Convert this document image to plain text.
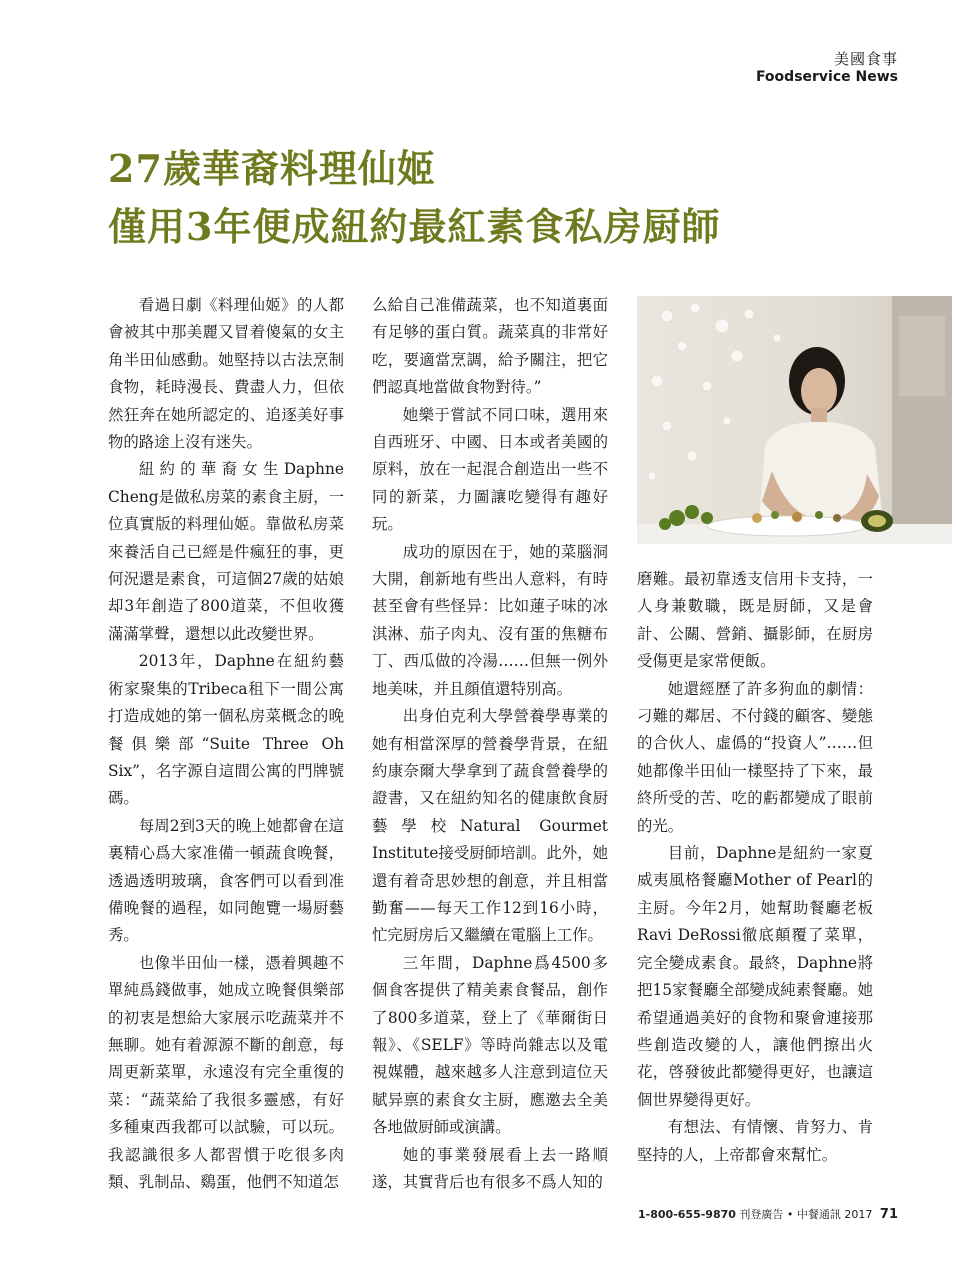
美國食事
Foodservice News
27歲華裔料理仙姬
僅用3年便成紐約最紅素食私房厨師

看過日劇《料理仙姬》的人都會被其中那美麗又冒着傻氣的女主角半田仙感動。她堅持以古法烹制食物，耗時漫長、費盡人力，但依然狂奔在她所認定的、追逐美好事物的路途上沒有迷失。

紐約的華裔女生Daphne Cheng是做私房菜的素食主厨，一位真實版的料理仙姬。靠做私房菜來養活自己已經是件瘋狂的事，更何況還是素食，可這個27歲的姑娘却3年創造了800道菜，不但收獲滿滿掌聲，還想以此改變世界。

2013年，Daphne在紐約藝術家聚集的Tribeca租下一間公寓打造成她的第一個私房菜概念的晚餐俱樂部“Suite Three Oh Six”，名字源自這間公寓的門牌號碼。

每周2到3天的晚上她都會在這裏精心爲大家准備一頓蔬食晚餐，透過透明玻璃，食客們可以看到准備晚餐的過程，如同飽覽一場厨藝秀。

也像半田仙一樣，憑着興趣不單純爲錢做事，她成立晚餐俱樂部的初衷是想給大家展示吃蔬菜并不無聊。她有着源源不斷的創意，每周更新菜單，永遠沒有完全重復的菜：“蔬菜給了我很多靈感，有好多種東西我都可以試驗，可以玩。我認識很多人都習慣于吃很多肉類、乳制品、鷄蛋，他們不知道怎

么給自己准備蔬菜，也不知道裏面有足够的蛋白質。蔬菜真的非常好吃，要適當烹調，給予關注，把它們認真地當做食物對待。”

她樂于嘗試不同口味，選用來自西班牙、中國、日本或者美國的原料，放在一起混合創造出一些不同的新菜，力圖讓吃變得有趣好玩。

成功的原因在于，她的菜腦洞大開，創新地有些出人意料，有時甚至會有些怪异：比如蓮子味的冰淇淋、茄子肉丸、沒有蛋的焦糖布丁、西瓜做的冷湯……但無一例外地美味，并且顔值還特別高。

出身伯克利大學營養學專業的她有相當深厚的營養學背景，在紐約康奈爾大學拿到了蔬食營養學的證書，又在紐約知名的健康飲食厨藝學校Natural Gourmet Institute接受厨師培訓。此外，她還有着奇思妙想的創意，并且相當勤奮——每天工作12到16小時，忙完厨房后又繼續在電腦上工作。

三年間，Daphne爲4500多個食客提供了精美素食餐品，創作了800多道菜，登上了《華爾街日報》、《SELF》等時尚雜志以及電視媒體，越來越多人注意到這位天賦异禀的素食女主厨，應邀去全美各地做厨師或演講。

她的事業發展看上去一路順遂，其實背后也有很多不爲人知的

磨難。最初靠透支信用卡支持，一人身兼數職，既是厨師，又是會計、公關、營銷、攝影師，在厨房受傷更是家常便飯。

她還經歷了許多狗血的劇情：刁難的鄰居、不付錢的顧客、變態的合伙人、虛僞的“投資人”……但她都像半田仙一樣堅持了下來，最終所受的苦、吃的虧都變成了眼前的光。

目前，Daphne是紐約一家夏威夷風格餐廳Mother of Pearl的主厨。今年2月，她幫助餐廳老板Ravi DeRossi徹底顛覆了菜單，完全變成素食。最終，Daphne將把15家餐廳全部變成純素餐廳。她希望通過美好的食物和聚會連接那些創造改變的人，讓他們擦出火花，啓發彼此都變得更好，也讓這個世界變得更好。

有想法、有情懷、肯努力、肯堅持的人，上帝都會來幫忙。

1-800-655-9870 刊登廣告 • 中餐通訊 2017 71
